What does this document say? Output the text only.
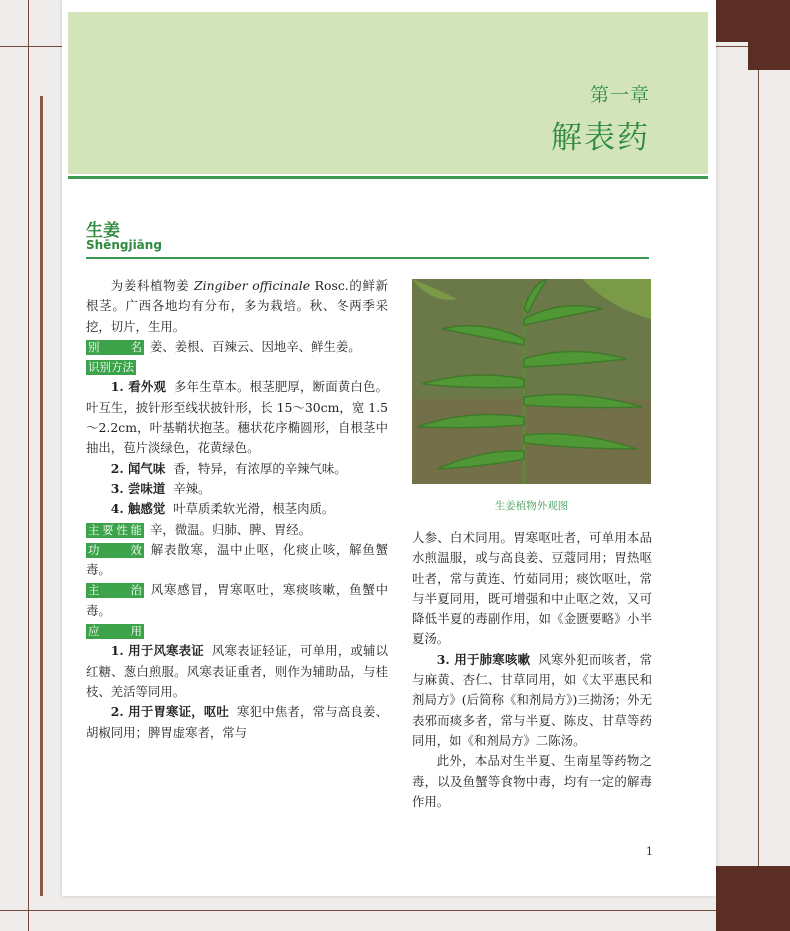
第一章
解表药
生姜
Shēngjiāng

为姜科植物姜 Zingiber officinale Rosc.的鲜新根茎。广西各地均有分布，多为栽培。秋、冬两季采挖，切片，生用。

别名 姜、姜根、百辣云、因地辛、鲜生姜。

识别方法

1. 看外观 多年生草本。根茎肥厚，断面黄白色。叶互生，披针形至线状披针形，长 15～30cm，宽 1.5～2.2cm，叶基鞘状抱茎。穗状花序椭圆形，自根茎中抽出，苞片淡绿色，花黄绿色。

2. 闻气味 香，特异，有浓厚的辛辣气味。

3. 尝味道 辛辣。

4. 触感觉 叶草质柔软光滑，根茎肉质。

主要性能 辛，微温。归肺、脾、胃经。

功效 解表散寒，温中止呕，化痰止咳，解鱼蟹毒。

主治 风寒感冒，胃寒呕吐，寒痰咳嗽，鱼蟹中毒。

应用

1. 用于风寒表证 风寒表证轻证，可单用，或辅以红糖、葱白煎服。风寒表证重者，则作为辅助品，与桂枝、羌活等同用。

2. 用于胃寒证，呕吐 寒犯中焦者，常与高良姜、胡椒同用；脾胃虚寒者，常与

生姜植物外观图

人参、白术同用。胃寒呕吐者，可单用本品水煎温服，或与高良姜、豆蔻同用；胃热呕吐者，常与黄连、竹茹同用；痰饮呕吐，常与半夏同用，既可增强和中止呕之效，又可降低半夏的毒副作用，如《金匮要略》小半夏汤。

3. 用于肺寒咳嗽 风寒外犯而咳者，常与麻黄、杏仁、甘草同用，如《太平惠民和剂局方》(后简称《和剂局方》)三拗汤；外无表邪而痰多者，常与半夏、陈皮、甘草等药同用，如《和剂局方》二陈汤。

此外，本品对生半夏、生南星等药物之毒，以及鱼蟹等食物中毒，均有一定的解毒作用。

1
